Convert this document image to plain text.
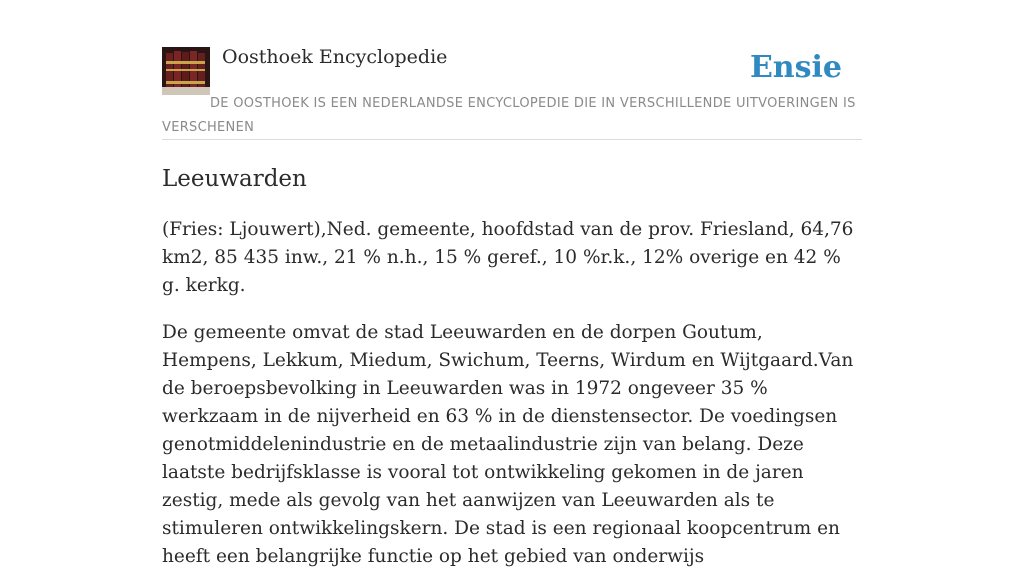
Oosthoek Encyclopedie	Ensie
DE OOSTHOEK IS EEN NEDERLANDSE ENCYCLOPEDIE DIE IN VERSCHILLENDE UITVOERINGEN IS VERSCHENEN
Leeuwarden

(Fries: Ljouwert),Ned. gemeente, hoofdstad van de prov. Friesland, 64,76 km2, 85 435 inw., 21 % n.h., 15 % geref., 10 %r.k., 12% overige en 42 % g. kerkg.

De gemeente omvat de stad Leeuwarden en de dorpen Goutum, Hempens, Lekkum, Miedum, Swichum, Teerns, Wirdum en Wijtgaard.Van de beroepsbevolking in Leeuwarden was in 1972 ongeveer 35 % werkzaam in de nijverheid en 63 % in de dienstensector. De voedingsen genotmiddelenindustrie en de metaalindustrie zijn van belang. Deze laatste bedrijfsklasse is vooral tot ontwikkeling gekomen in de jaren zestig, mede als gevolg van het aanwijzen van Leeuwarden als te stimuleren ontwikkelingskern. De stad is een regionaal koopcentrum en heeft een belangrijke functie op het gebied van onderwijs
